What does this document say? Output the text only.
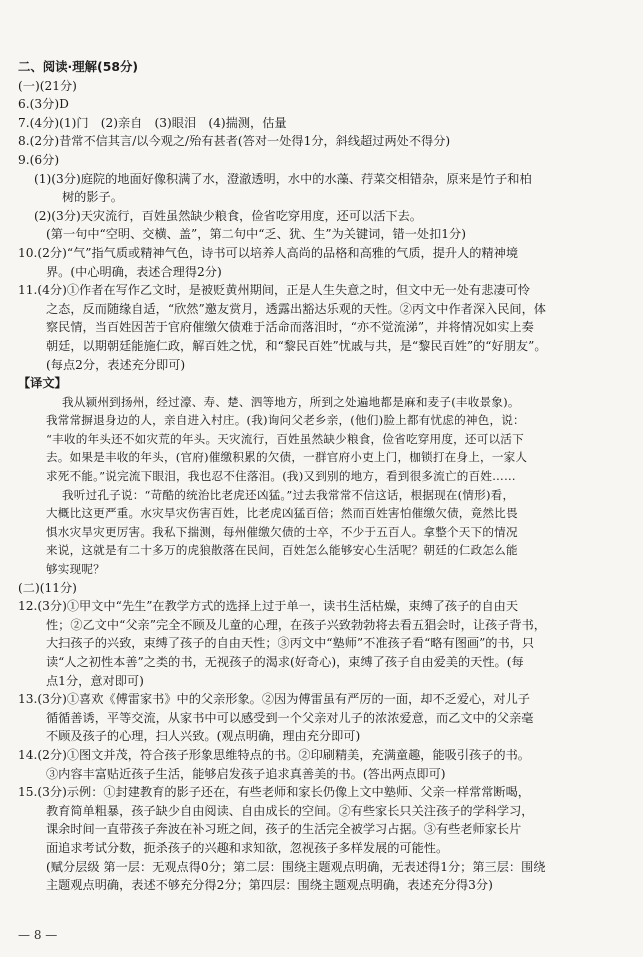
二、阅读·理解(58分)
(一)(21分)
6.(3分)D
7.(4分)(1)门　(2)亲自　(3)眼泪　(4)揣测，估量
8.(2分)昔常不信其言/以今观之/殆有甚者(答对一处得1分，斜线超过两处不得分)
9.(6分)
(1)(3分)庭院的地面好像积满了水，澄澈透明，水中的水藻、荇菜交相错杂，原来是竹子和柏
树的影子。
(2)(3分)天灾流行，百姓虽然缺少粮食，俭省吃穿用度，还可以活下去。
(第一句中“空明、交横、盖”，第二句中“乏、犹、生”为关键词，错一处扣1分)
10.(2分)“气”指气质或精神气色，诗书可以培养人高尚的品格和高雅的气质，提升人的精神境
界。(中心明确，表述合理得2分)
11.(4分)①作者在写作乙文时，是被贬黄州期间，正是人生失意之时，但文中无一处有悲凄可怜
之态，反而随缘自适，“欣然”邀友赏月，透露出豁达乐观的天性。②丙文中作者深入民间，体
察民情，当百姓因苦于官府催缴欠债难于活命而落泪时，“亦不觉流涕”，并将情况如实上奏
朝廷，以期朝廷能施仁政，解百姓之忧，和“黎民百姓”忧戚与共，是“黎民百姓”的“好朋友”。
(每点2分，表述充分即可)
【译文】
我从颍州到扬州，经过濠、寿、楚、泗等地方，所到之处遍地都是麻和麦子(丰收景象)。
我常常摒退身边的人，亲自进入村庄。(我)询问父老乡亲，(他们)脸上都有忧虑的神色，说：
“丰收的年头还不如灾荒的年头。天灾流行，百姓虽然缺少粮食，俭省吃穿用度，还可以活下
去。如果是丰收的年头，(官府)催缴积累的欠债，一群官府小吏上门，枷锁打在身上，一家人
求死不能。”说完流下眼泪，我也忍不住落泪。(我)又到别的地方，看到很多流亡的百姓……
我听过孔子说：“苛酷的统治比老虎还凶猛。”过去我常常不信这话，根据现在(情形)看，
大概比这更严重。水灾旱灾伤害百姓，比老虎凶猛百倍；然而百姓害怕催缴欠债，竟然比畏
惧水灾旱灾更厉害。我私下揣测，每州催缴欠债的士卒，不少于五百人。拿整个天下的情况
来说，这就是有二十多万的虎狼散落在民间，百姓怎么能够安心生活呢？朝廷的仁政怎么能
够实现呢？
(二)(11分)
12.(3分)①甲文中“先生”在教学方式的选择上过于单一，读书生活枯燥，束缚了孩子的自由天
性；②乙文中“父亲”完全不顾及儿童的心理，在孩子兴致勃勃将去看五猖会时，让孩子背书，
大扫孩子的兴致，束缚了孩子的自由天性；③丙文中“塾师”不准孩子看“略有图画”的书，只
读“人之初性本善”之类的书，无视孩子的渴求(好奇心)，束缚了孩子自由爱美的天性。(每
点1分，意对即可)
13.(3分)①喜欢《傅雷家书》中的父亲形象。②因为傅雷虽有严厉的一面，却不乏爱心，对儿子
循循善诱，平等交流，从家书中可以感受到一个父亲对儿子的浓浓爱意，而乙文中的父亲毫
不顾及孩子的心理，扫人兴致。(观点明确，理由充分即可)
14.(2分)①图文并茂，符合孩子形象思维特点的书。②印刷精美，充满童趣，能吸引孩子的书。
③内容丰富贴近孩子生活，能够启发孩子追求真善美的书。(答出两点即可)
15.(3分)示例：①封建教育的影子还在，有些老师和家长仍像上文中塾师、父亲一样常常断喝，
教育简单粗暴，孩子缺少自由阅读、自由成长的空间。②有些家长只关注孩子的学科学习，
课余时间一直带孩子奔波在补习班之间，孩子的生活完全被学习占据。③有些老师家长片
面追求考试分数，扼杀孩子的兴趣和求知欲，忽视孩子多样发展的可能性。
(赋分层级 第一层：无观点得0分；第二层：围绕主题观点明确，无表述得1分；第三层：围绕
主题观点明确，表述不够充分得2分；第四层：围绕主题观点明确，表述充分得3分)
— 8 —
